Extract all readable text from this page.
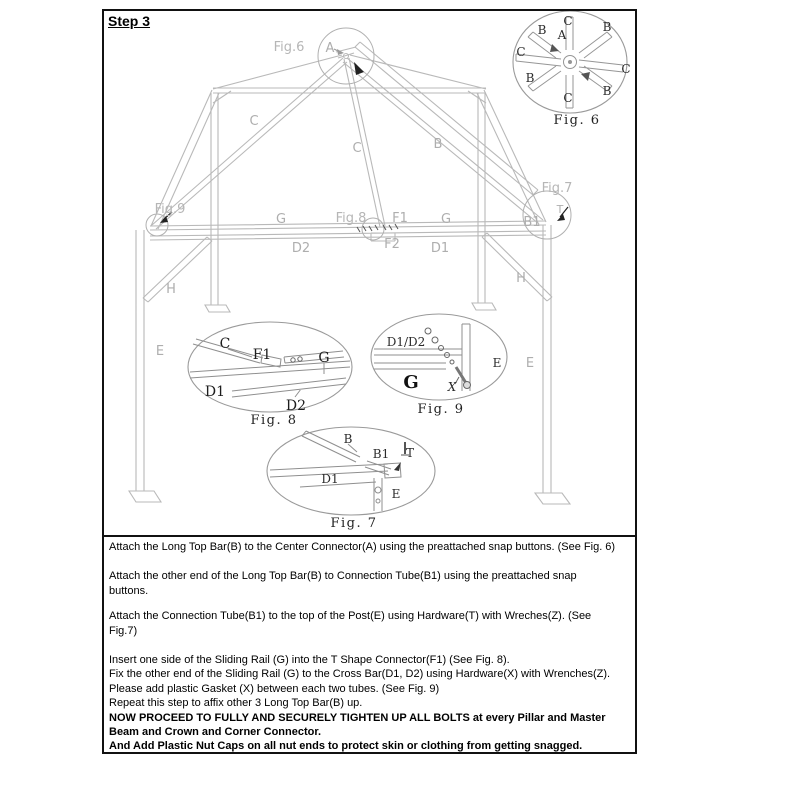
Step 3
Fig.6 A
C
C	B
Fig.9
G	Fig.8 F1	G
F2
D2	D1
Fig.7
T
B1
H
H
E
E
C
B A
B
C
C
B
B
C
Fig. 6
C
F1	G
D1
D2
Fig. 8
D1/D2
E
G X
Fig. 9
B
B1 T
D1
E
Fig. 7
Attach the Long Top Bar(B) to the Center Connector(A) using the preattached snap buttons. (See Fig. 6)
Attach the other end of the Long Top Bar(B) to Connection Tube(B1) using the preattached snap
buttons.
Attach the Connection Tube(B1) to the top of the Post(E) using Hardware(T) with Wreches(Z). (See
Fig.7)
Insert one side of the Sliding Rail (G) into the T Shape Connector(F1) (See Fig. 8).
Fix the other end of the Sliding Rail (G) to the Cross Bar(D1, D2) using Hardware(X) with Wrenches(Z).
Please add plastic Gasket (X) between each two tubes. (See Fig. 9)
Repeat this step to affix other 3 Long Top Bar(B) up.
NOW PROCEED TO FULLY AND SECURELY TIGHTEN UP ALL BOLTS at every Pillar and Master
Beam and Crown and Corner Connector.
And Add Plastic Nut Caps on all nut ends to protect skin or clothing from getting snagged.
